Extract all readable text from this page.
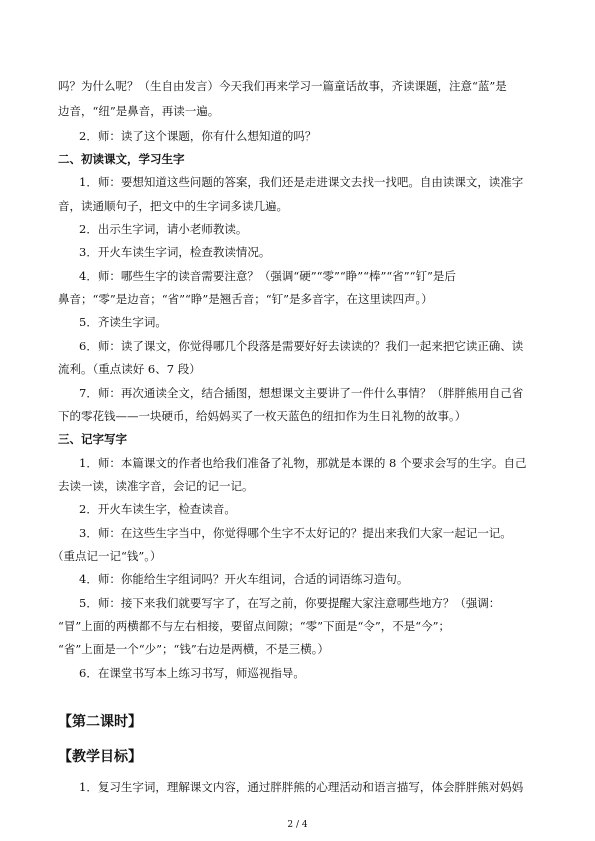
吗？为什么呢？（生自由发言）今天我们再来学习一篇童话故事，齐读课题，注意“蓝”是
边音，“纽”是鼻音，再读一遍。
2．师：读了这个课题，你有什么想知道的吗？
二、初读课文，学习生字
1．师：要想知道这些问题的答案，我们还是走进课文去找一找吧。自由读课文，读准字
音，读通顺句子，把文中的生字词多读几遍。
2．出示生字词，请小老师教读。
3．开火车读生字词，检查教读情况。
4．师：哪些生字的读音需要注意？（强调“硬”“零”“睁”“棒”“省”“钉”是后
鼻音；“零”是边音；“省”“睁”是翘舌音；“钉”是多音字，在这里读四声。）
5．齐读生字词。
6．师：读了课文，你觉得哪几个段落是需要好好去读读的？我们一起来把它读正确、读
流利。（重点读好 6、7 段）
7．师：再次通读全文，结合插图，想想课文主要讲了一件什么事情？（胖胖熊用自己省
下的零花钱——一块硬币，给妈妈买了一枚天蓝色的纽扣作为生日礼物的故事。）
三、记字写字
1．师：本篇课文的作者也给我们准备了礼物，那就是本课的 8 个要求会写的生字。自己
去读一读，读准字音，会记的记一记。
2．开火车读生字，检查读音。
3．师：在这些生字当中，你觉得哪个生字不太好记的？提出来我们大家一起记一记。
（重点记一记“钱”。）
4．师：你能给生字组词吗？开火车组词，合适的词语练习造句。
5．师：接下来我们就要写字了，在写之前，你要提醒大家注意哪些地方？（强调：
“冒”上面的两横都不与左右相接，要留点间隙；“零”下面是“令”，不是“今”；
“省”上面是一个“少”；“钱”右边是两横，不是三横。）
6．在课堂书写本上练习书写，师巡视指导。
【第二课时】
【教学目标】
1．复习生字词，理解课文内容，通过胖胖熊的心理活动和语言描写，体会胖胖熊对妈妈
2 / 4
